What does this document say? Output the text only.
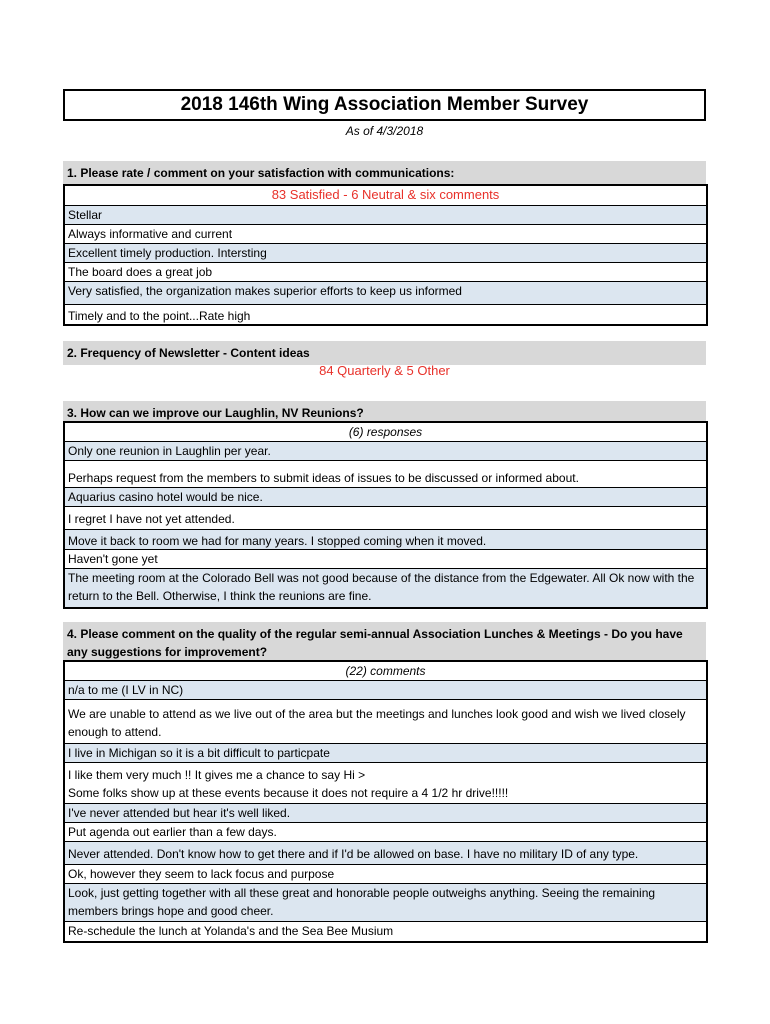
2018 146th Wing Association Member Survey
As of 4/3/2018
1. Please rate / comment on your satisfaction with communications:
83 Satisfied - 6 Neutral & six comments
Stellar
Always informative and current
Excellent timely production. Intersting
The board does a great job
Very satisfied, the organization makes superior efforts to keep us informed
Timely and to the point...Rate high
2. Frequency of Newsletter - Content ideas
84 Quarterly & 5 Other
3. How can we improve our Laughlin, NV Reunions?
(6) responses
Only one reunion in Laughlin per year.
Perhaps request from the members to submit ideas of issues to be discussed or informed about.
Aquarius casino hotel would be nice.
I regret I have not yet attended.
Move it back to room we had for many years. I stopped coming when it moved.
Haven't gone yet
The meeting room at the Colorado Bell was not good because of the distance from the Edgewater. All Ok now with the return to the Bell. Otherwise, I think the reunions are fine.
4. Please comment on the quality of the regular semi-annual Association Lunches & Meetings - Do you have any suggestions for improvement?
(22) comments
n/a to me (I LV in NC)
We are unable to attend as we live out of the area but the meetings and lunches look good and wish we lived closely enough to attend.
I live in Michigan so it is a bit difficult to particpate
I like them very much !! It gives me a chance to say Hi >
Some folks show up at these events because it does not require a 4 1/2 hr drive!!!!!
I've never attended but hear it's well liked.
Put agenda out earlier than a few days.
Never attended. Don't know how to get there and if I'd be allowed on base. I have no military ID of any type.
Ok, however they seem to lack focus and purpose
Look, just getting together with all these great and honorable people outweighs anything. Seeing the remaining members brings hope and good cheer.
Re-schedule the lunch at Yolanda's and the Sea Bee Musium
